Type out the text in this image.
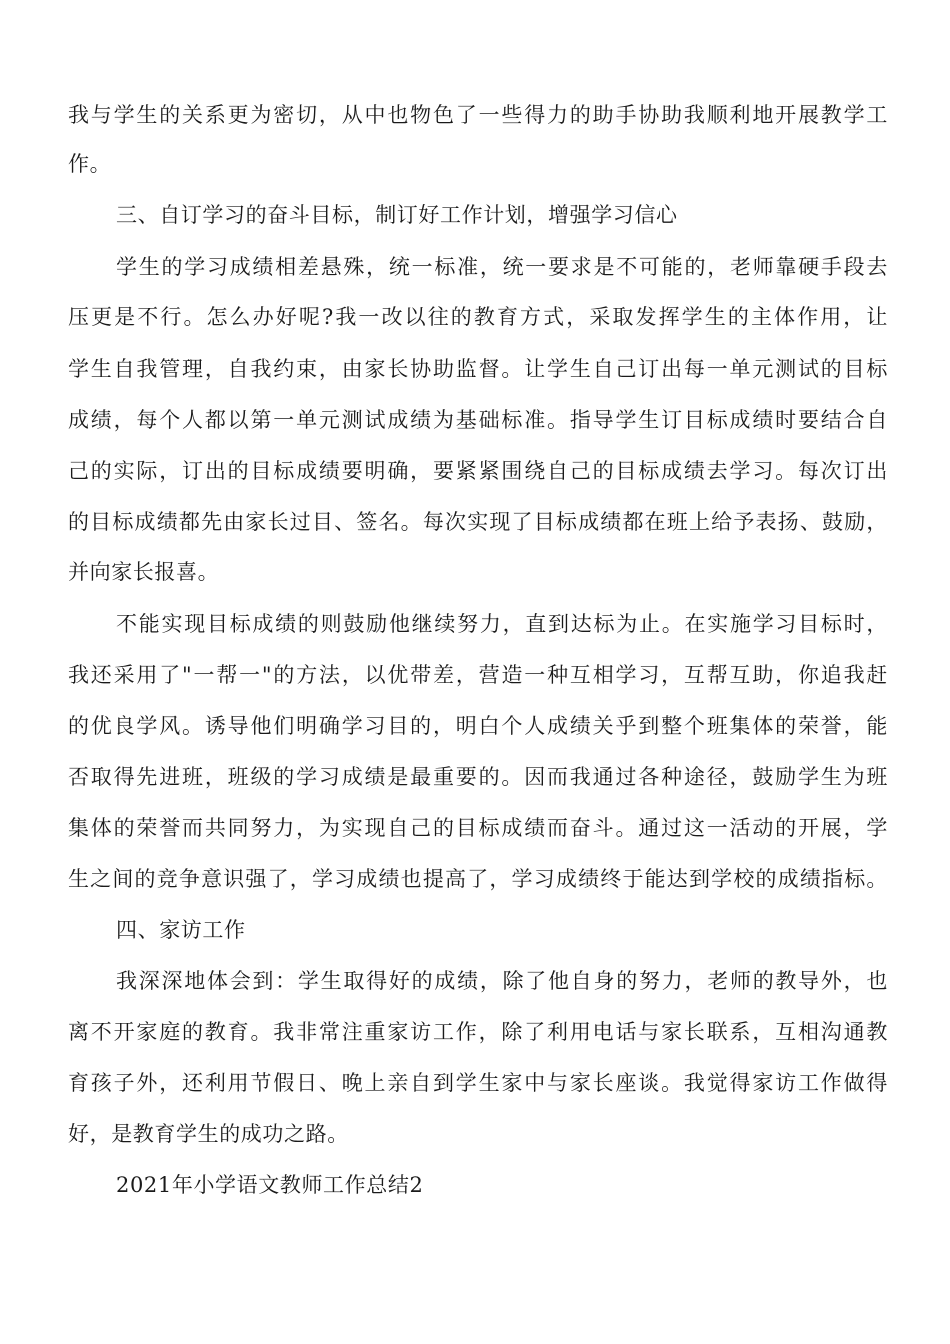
我与学生的关系更为密切，从中也物色了一些得力的助手协助我顺利地开展教学工
作。
三、自订学习的奋斗目标，制订好工作计划，增强学习信心
学生的学习成绩相差悬殊，统一标准，统一要求是不可能的，老师靠硬手段去
压更是不行。怎么办好呢?我一改以往的教育方式，采取发挥学生的主体作用，让
学生自我管理，自我约束，由家长协助监督。让学生自己订出每一单元测试的目标
成绩，每个人都以第一单元测试成绩为基础标准。指导学生订目标成绩时要结合自
己的实际，订出的目标成绩要明确，要紧紧围绕自己的目标成绩去学习。每次订出
的目标成绩都先由家长过目、签名。每次实现了目标成绩都在班上给予表扬、鼓励，
并向家长报喜。
不能实现目标成绩的则鼓励他继续努力，直到达标为止。在实施学习目标时，
我还采用了"一帮一"的方法，以优带差，营造一种互相学习，互帮互助，你追我赶
的优良学风。诱导他们明确学习目的，明白个人成绩关乎到整个班集体的荣誉，能
否取得先进班，班级的学习成绩是最重要的。因而我通过各种途径，鼓励学生为班
集体的荣誉而共同努力，为实现自己的目标成绩而奋斗。通过这一活动的开展，学
生之间的竞争意识强了，学习成绩也提高了，学习成绩终于能达到学校的成绩指标。
四、家访工作
我深深地体会到：学生取得好的成绩，除了他自身的努力，老师的教导外，也
离不开家庭的教育。我非常注重家访工作，除了利用电话与家长联系，互相沟通教
育孩子外，还利用节假日、晚上亲自到学生家中与家长座谈。我觉得家访工作做得
好，是教育学生的成功之路。
2021年小学语文教师工作总结2
